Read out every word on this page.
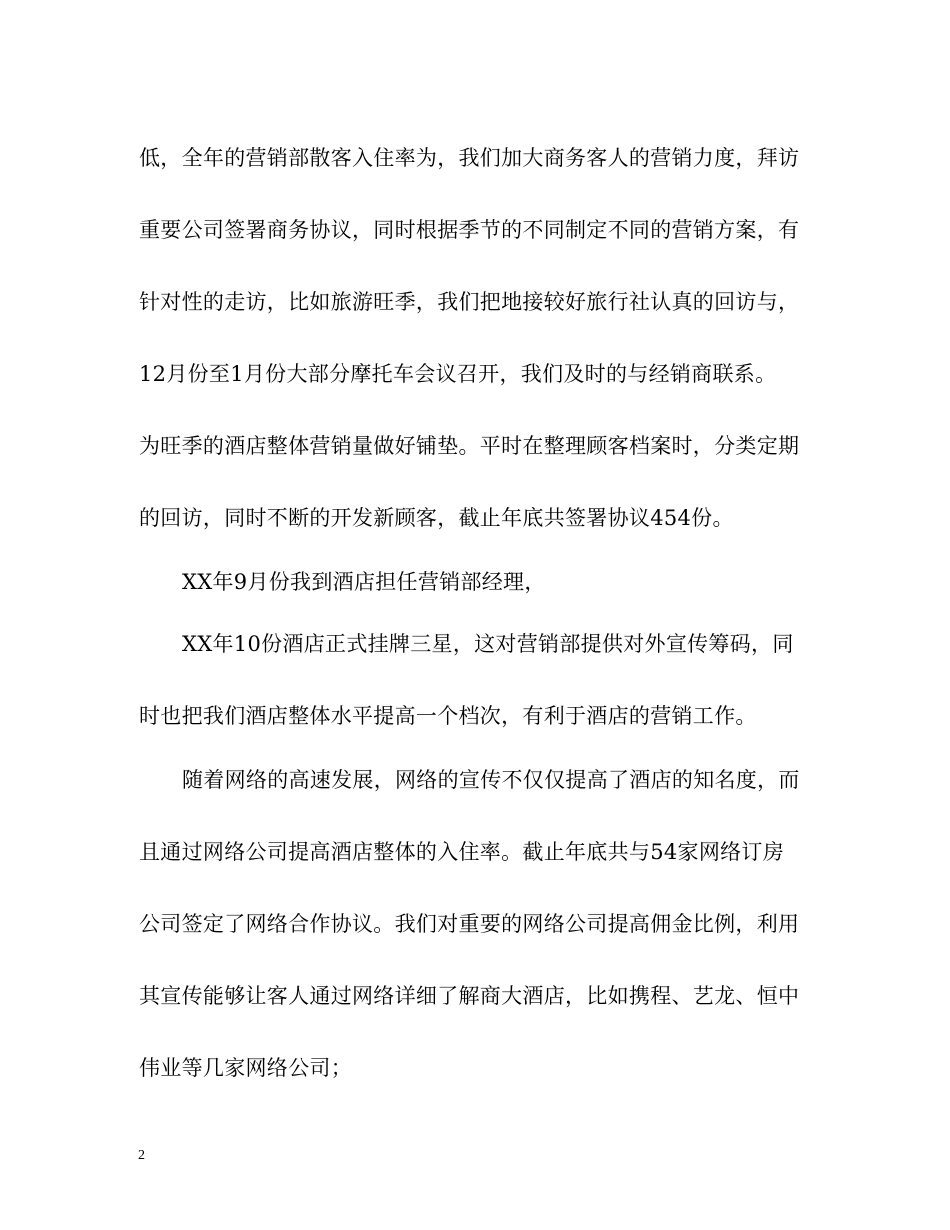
低，全年的营销部散客入住率为，我们加大商务客人的营销力度，拜访
重要公司签署商务协议，同时根据季节的不同制定不同的营销方案，有
针对性的走访，比如旅游旺季，我们把地接较好旅行社认真的回访与，
12月份至1月份大部分摩托车会议召开，我们及时的与经销商联系。
为旺季的酒店整体营销量做好铺垫。平时在整理顾客档案时，分类定期
的回访，同时不断的开发新顾客，截止年底共签署协议454份。
XX年9月份我到酒店担任营销部经理，
XX年10份酒店正式挂牌三星，这对营销部提供对外宣传筹码，同
时也把我们酒店整体水平提高一个档次，有利于酒店的营销工作。
随着网络的高速发展，网络的宣传不仅仅提高了酒店的知名度，而
且通过网络公司提高酒店整体的入住率。截止年底共与54家网络订房
公司签定了网络合作协议。我们对重要的网络公司提高佣金比例，利用
其宣传能够让客人通过网络详细了解商大酒店，比如携程、艺龙、恒中
伟业等几家网络公司；
2
